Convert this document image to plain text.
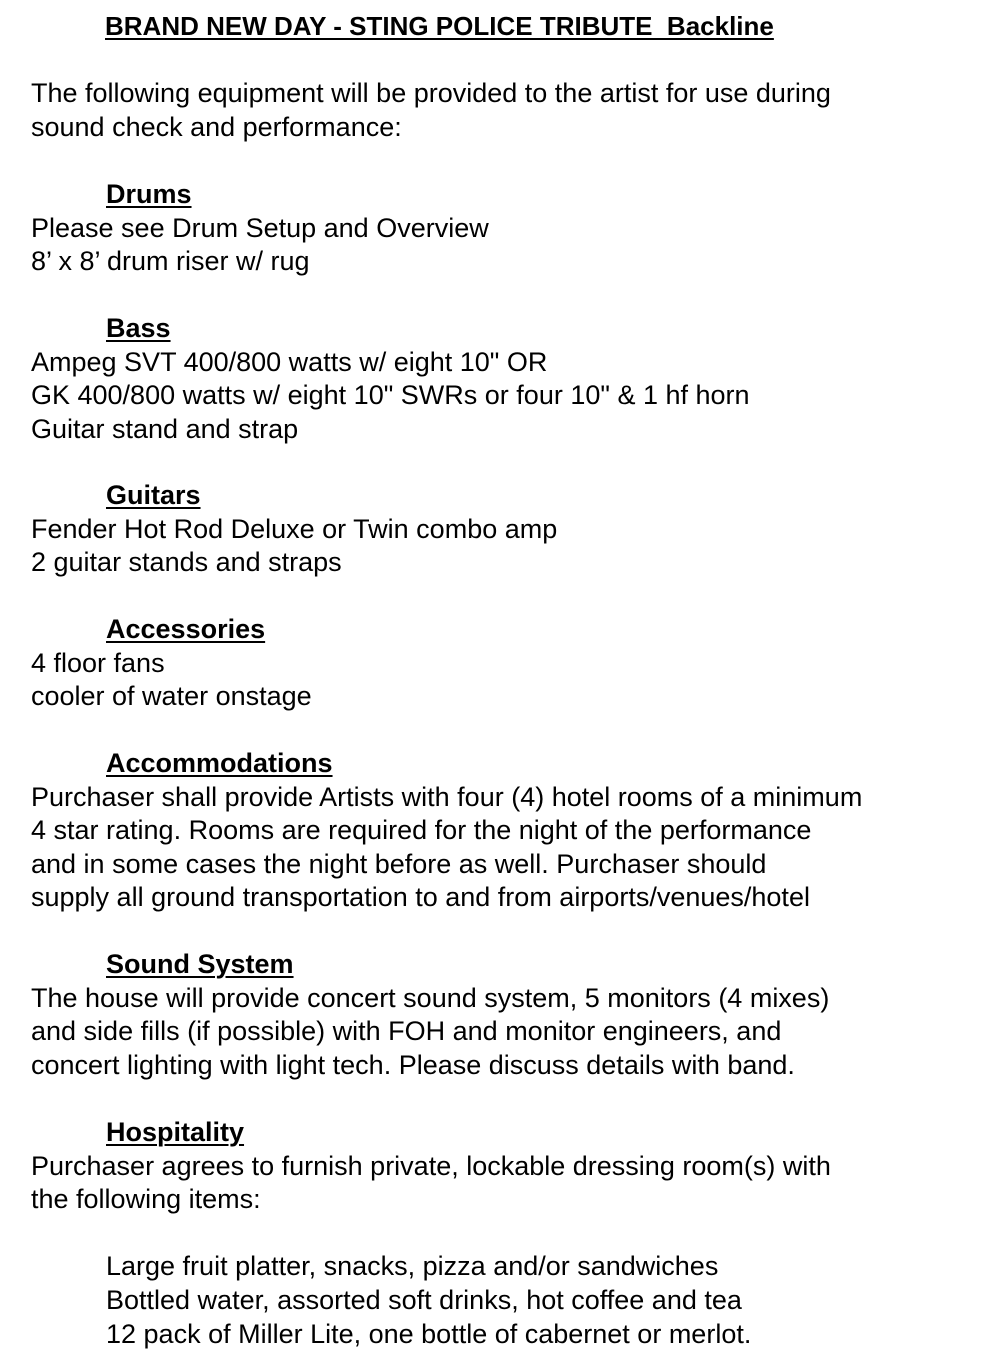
BRAND NEW DAY - STING POLICE TRIBUTE  Backline
The following equipment will be provided to the artist for use during
sound check and performance:
Drums
Please see Drum Setup and Overview
8’ x 8’ drum riser w/ rug
Bass
Ampeg SVT 400/800 watts w/ eight 10" OR
GK 400/800 watts w/ eight 10" SWRs or four 10" & 1 hf horn
Guitar stand and strap
Guitars
Fender Hot Rod Deluxe or Twin combo amp
2 guitar stands and straps
Accessories
4 floor fans
cooler of water onstage
Accommodations
Purchaser shall provide Artists with four (4) hotel rooms of a minimum
4 star rating. Rooms are required for the night of the performance
and in some cases the night before as well. Purchaser should
supply all ground transportation to and from airports/venues/hotel
Sound System
The house will provide concert sound system, 5 monitors (4 mixes)
and side fills (if possible) with FOH and monitor engineers, and
concert lighting with light tech. Please discuss details with band.
Hospitality
Purchaser agrees to furnish private, lockable dressing room(s) with
the following items:
Large fruit platter, snacks, pizza and/or sandwiches
Bottled water, assorted soft drinks, hot coffee and tea
12 pack of Miller Lite, one bottle of cabernet or merlot.
